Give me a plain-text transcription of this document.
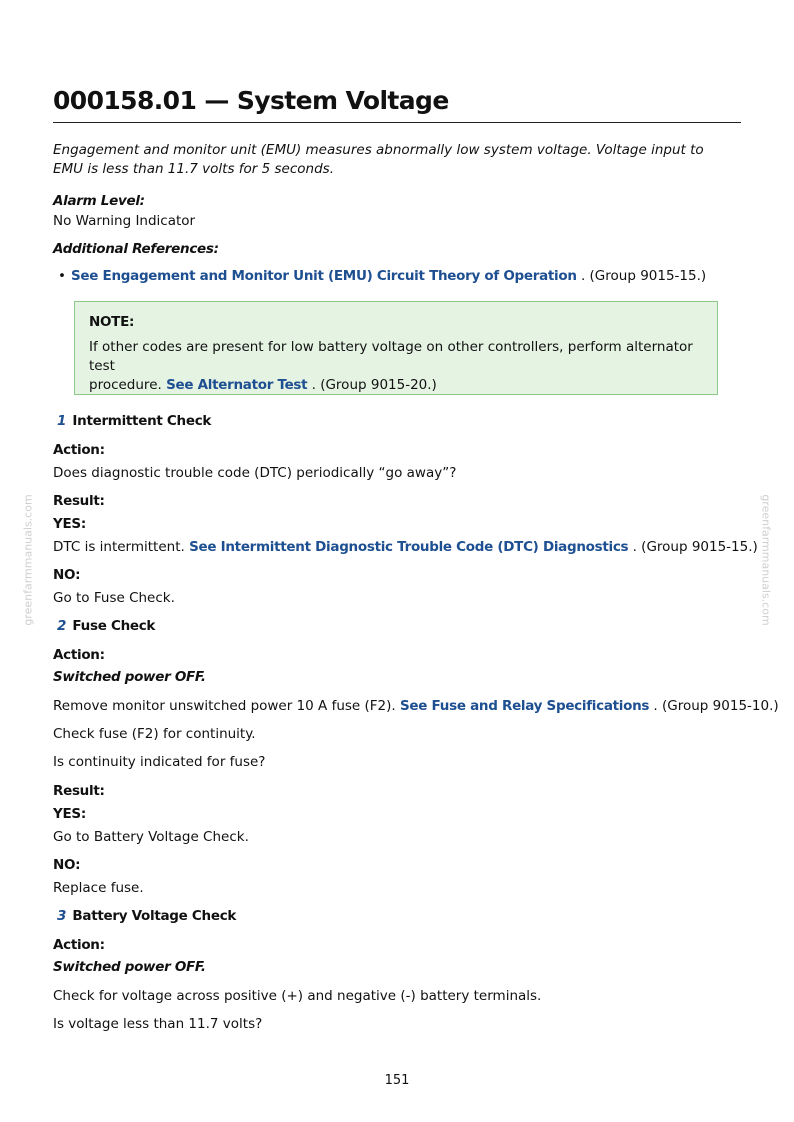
000158.01 — System Voltage
Engagement and monitor unit (EMU) measures abnormally low system voltage. Voltage input to EMU is less than 11.7 volts for 5 seconds.
Alarm Level:
No Warning Indicator
Additional References:
• See Engagement and Monitor Unit (EMU) Circuit Theory of Operation . (Group 9015-15.)
NOTE:
If other codes are present for low battery voltage on other controllers, perform alternator test
procedure. See Alternator Test . (Group 9015-20.)
1 Intermittent Check
Action:
Does diagnostic trouble code (DTC) periodically “go away”?
Result:
YES:
DTC is intermittent. See Intermittent Diagnostic Trouble Code (DTC) Diagnostics . (Group 9015-15.)
NO:
Go to Fuse Check.
2 Fuse Check
Action:
Switched power OFF.
Remove monitor unswitched power 10 A fuse (F2). See Fuse and Relay Specifications . (Group 9015-10.)
Check fuse (F2) for continuity.
Is continuity indicated for fuse?
Result:
YES:
Go to Battery Voltage Check.
NO:
Replace fuse.
3 Battery Voltage Check
Action:
Switched power OFF.
Check for voltage across positive (+) and negative (-) battery terminals.
Is voltage less than 11.7 volts?
greenfarmmanuals.com	greenfarmmanuals.com
151
